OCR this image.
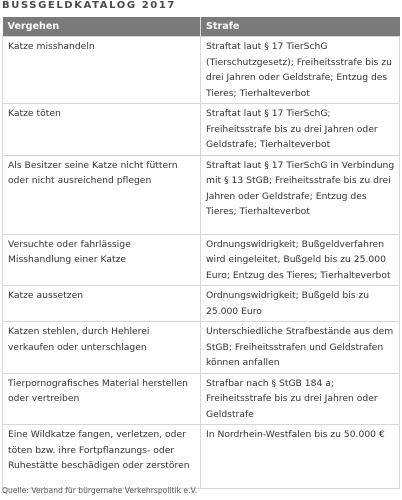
BUSSGELDKATALOG 2017
Vergehen	Strafe
Katze misshandeln	Straftat laut § 17 TierSchG (Tierschutzgesetz); Freiheitsstrafe bis zu drei Jahren oder Geldstrafe; Entzug des Tieres; Tierhalteverbot
Katze töten	Straftat laut § 17 TierSchG; Freiheitsstrafe bis zu drei Jahren oder Geldstrafe; Tierhalteverbot
Als Besitzer seine Katze nicht füttern oder nicht ausreichend pflegen	Straftat laut § 17 TierSchG in Verbindung mit § 13 StGB; Freiheitsstrafe bis zu drei Jahren oder Geldstrafe; Entzug des Tieres; Tierhalteverbot
Versuchte oder fahrlässige Misshandlung einer Katze	Ordnungswidrigkeit; Bußgeldverfahren wird eingeleitet, Bußgeld bis zu 25.000 Euro; Entzug des Tieres; Tierhalteverbot
Katze aussetzen	Ordnungswidrigkeit; Bußgeld bis zu 25.000 Euro
Katzen stehlen, durch Hehlerei verkaufen oder unterschlagen	Unterschiedliche Strafbestände aus dem StGB; Freiheitsstrafen und Geldstrafen können anfallen
Tierpornografisches Material herstellen oder vertreiben	Strafbar nach § StGB 184 a; Freiheitsstrafe bis zu drei Jahren oder Geldstrafe
Eine Wildkatze fangen, verletzen, oder töten bzw. ihre Fortpflanzungs- oder Ruhestätte beschädigen oder zerstören	In Nordrhein-Westfalen bis zu 50.000 €
Quelle: Verband für bürgernahe Verkehrspolitik e.V.
